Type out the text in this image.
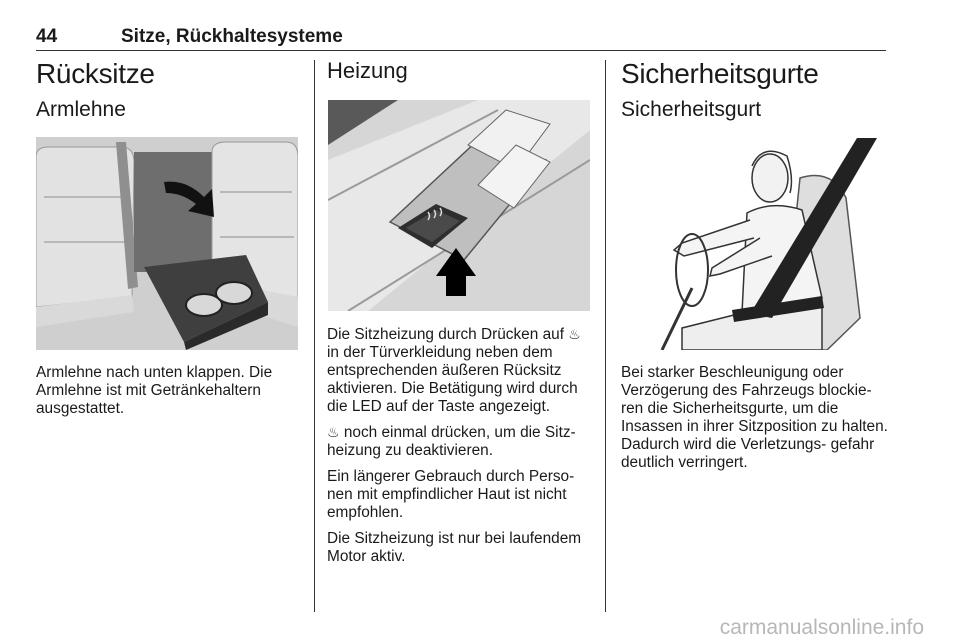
44	Sitze, Rückhaltesysteme
Rücksitze
Armlehne

Armlehne nach unten klappen. Die Armlehne ist mit Getränkehaltern ausgestattet.

Heizung

Die Sitzheizung durch Drücken auf ♨ in der Türverkleidung neben dem entsprechenden äußeren Rücksitz aktivieren. Die Betätigung wird durch die LED auf der Taste angezeigt.

♨ noch einmal drücken, um die Sitz- heizung zu deaktivieren.

Ein längerer Gebrauch durch Perso- nen mit empfindlicher Haut ist nicht empfohlen.

Die Sitzheizung ist nur bei laufendem Motor aktiv.

Sicherheitsgurte
Sicherheitsgurt

Bei starker Beschleunigung oder Verzögerung des Fahrzeugs blockie- ren die Sicherheitsgurte, um die Insassen in ihrer Sitzposition zu halten. Dadurch wird die Verletzungs- gefahr deutlich verringert.

carmanualsonline.info
